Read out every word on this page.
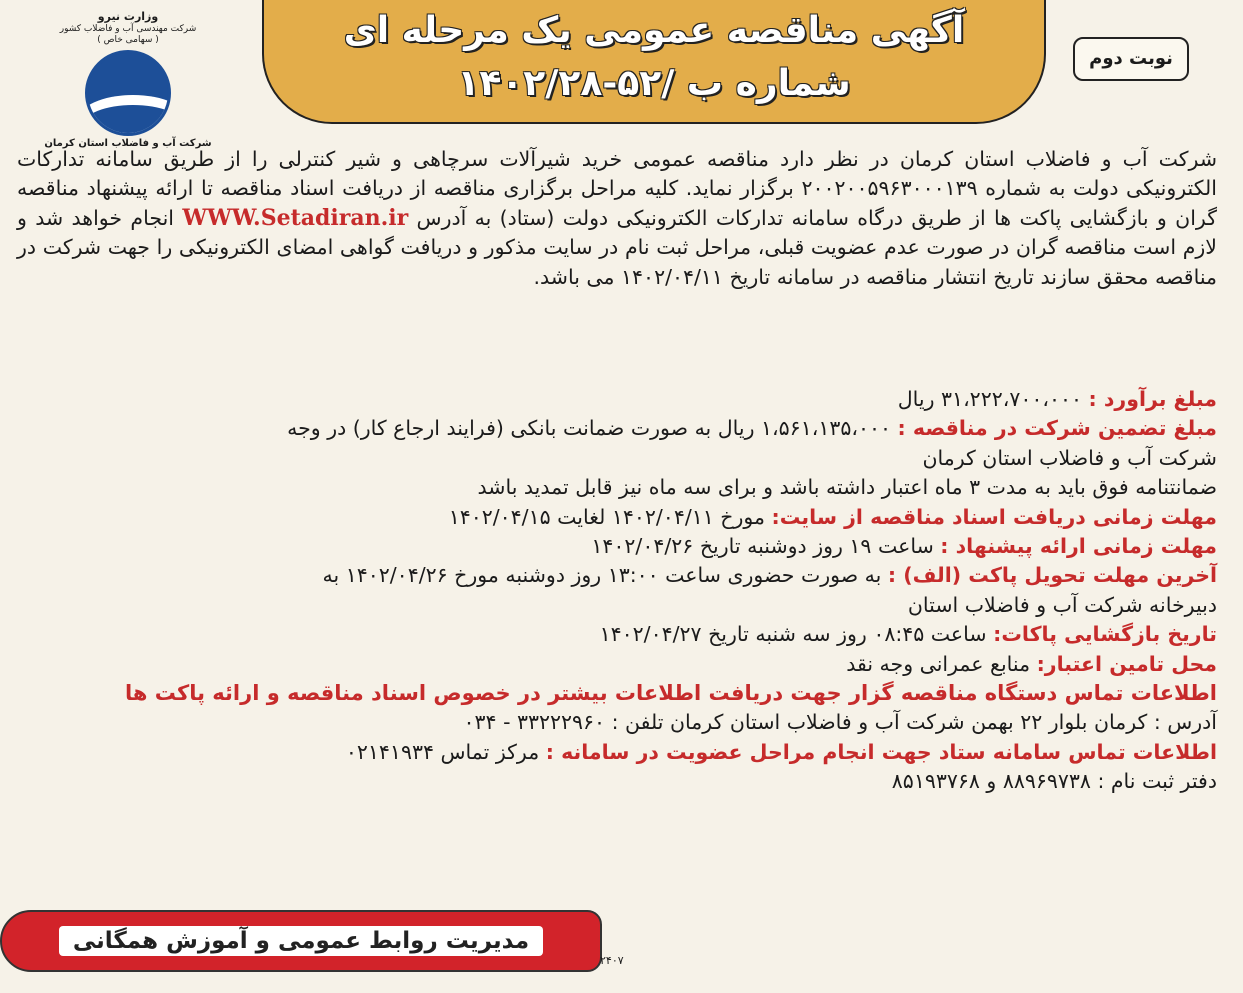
آگهی مناقصه عمومی یک مرحله ای
شماره ب /۵۲-۱۴۰۲/۲۸
نوبت دوم
وزارت نیرو
شرکت مهندسی آب و فاضلاب کشور
( سهامی خاص )
شرکت آب و فاضلاب استان کرمان

شرکت آب و فاضلاب استان کرمان در نظر دارد مناقصه عمومی خرید شیرآلات سرچاهی و شیر کنترلی را از طریق سامانه تدارکات الکترونیکی دولت به شماره ۲۰۰۲۰۰۵۹۶۳۰۰۰۱۳۹ برگزار نماید. کلیه مراحل برگزاری مناقصه از دریافت اسناد مناقصه تا ارائه پیشنهاد مناقصه گران و بازگشایی پاکت ها از طریق درگاه سامانه تدارکات الکترونیکی دولت (ستاد) به آدرس WWW.Setadiran.ir انجام خواهد شد و لازم است مناقصه گران در صورت عدم عضویت قبلی، مراحل ثبت نام در سایت مذکور و دریافت گواهی امضای الکترونیکی را جهت شرکت در مناقصه محقق سازند تاریخ انتشار مناقصه در سامانه تاریخ ۱۴۰۲/۰۴/۱۱ می باشد.

مبلغ برآورد : ۳۱،۲۲۲،۷۰۰،۰۰۰ ریال

مبلغ تضمین شرکت در مناقصه : ۱،۵۶۱،۱۳۵،۰۰۰ ریال به صورت ضمانت بانکی (فرایند ارجاع کار) در وجه

شرکت آب و فاضلاب استان کرمان

ضمانتنامه فوق باید به مدت ۳ ماه اعتبار داشته باشد و برای سه ماه نیز قابل تمدید باشد

مهلت زمانی دریافت اسناد مناقصه از سایت: مورخ ۱۴۰۲/۰۴/۱۱ لغایت ۱۴۰۲/۰۴/۱۵

مهلت زمانی ارائه پیشنهاد : ساعت ۱۹ روز دوشنبه تاریخ ۱۴۰۲/۰۴/۲۶

آخرین مهلت تحویل پاکت (الف) : به صورت حضوری ساعت ۱۳:۰۰ روز دوشنبه مورخ ۱۴۰۲/۰۴/۲۶ به

دبیرخانه شرکت آب و فاضلاب استان

تاریخ بازگشایی پاکات: ساعت ۰۸:۴۵ روز سه شنبه تاریخ ۱۴۰۲/۰۴/۲۷

محل تامین اعتبار: منابع عمرانی وجه نقد

اطلاعات تماس دستگاه مناقصه گزار جهت دریافت اطلاعات بیشتر در خصوص اسناد مناقصه و ارائه پاکت ها

آدرس : کرمان بلوار ۲۲ بهمن شرکت آب و فاضلاب استان کرمان تلفن : ۳۳۲۲۲۹۶۰ - ۰۳۴

اطلاعات تماس سامانه ستاد جهت انجام مراحل عضویت در سامانه : مرکز تماس ۰۲۱۴۱۹۳۴

دفتر ثبت نام : ۸۸۹۶۹۷۳۸ و ۸۵۱۹۳۷۶۸

مدیریت روابط عمومی و آموزش همگانی
۲۴۰۷
